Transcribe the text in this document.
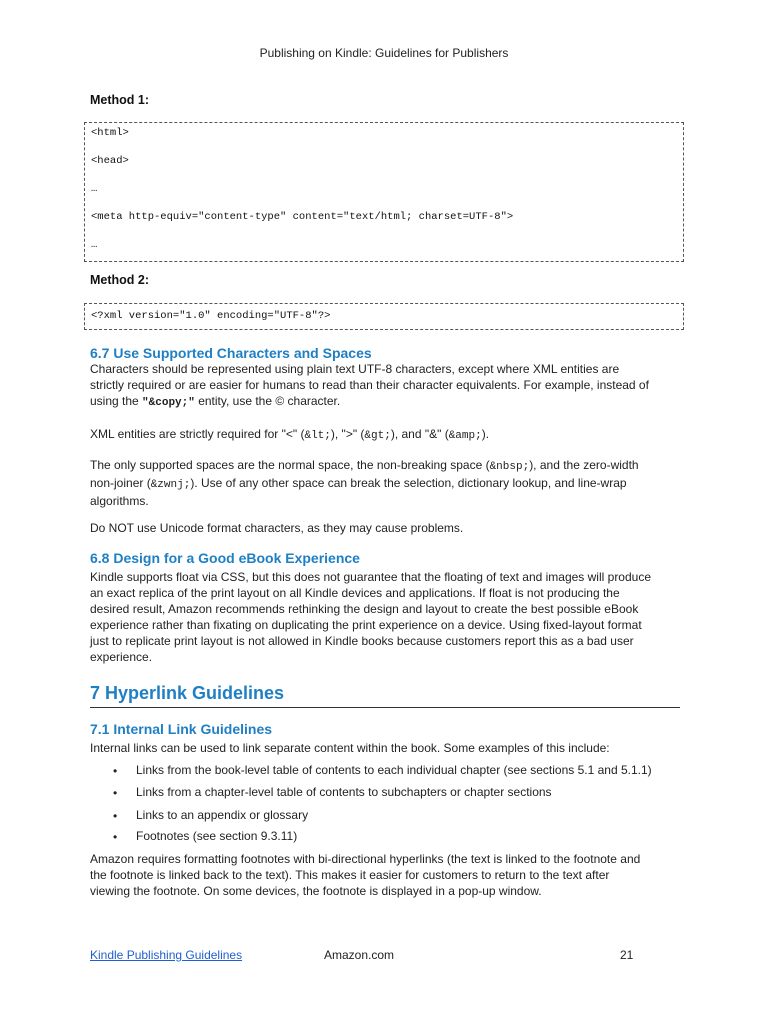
Publishing on Kindle: Guidelines for Publishers
Method 1:
<html>
<head>
…
<meta http-equiv="content-type" content="text/html; charset=UTF-8">
…
Method 2:
<?xml version="1.0" encoding="UTF-8"?>
6.7 Use Supported Characters and Spaces
Characters should be represented using plain text UTF-8 characters, except where XML entities are
strictly required or are easier for humans to read than their character equivalents. For example, instead of
using the "&copy;" entity, use the © character.
XML entities are strictly required for "<" (&lt;), ">" (&gt;), and "&" (&amp;).
The only supported spaces are the normal space, the non-breaking space (&nbsp;), and the zero-width
non-joiner (&zwnj;). Use of any other space can break the selection, dictionary lookup, and line-wrap
algorithms.
Do NOT use Unicode format characters, as they may cause problems.
6.8 Design for a Good eBook Experience
Kindle supports float via CSS, but this does not guarantee that the floating of text and images will produce
an exact replica of the print layout on all Kindle devices and applications. If float is not producing the
desired result, Amazon recommends rethinking the design and layout to create the best possible eBook
experience rather than fixating on duplicating the print experience on a device. Using fixed-layout format
just to replicate print layout is not allowed in Kindle books because customers report this as a bad user
experience.
7 Hyperlink Guidelines
7.1 Internal Link Guidelines
Internal links can be used to link separate content within the book. Some examples of this include:
• Links from the book-level table of contents to each individual chapter (see sections 5.1 and 5.1.1)
• Links from a chapter-level table of contents to subchapters or chapter sections
• Links to an appendix or glossary
• Footnotes (see section 9.3.11)
Amazon requires formatting footnotes with bi-directional hyperlinks (the text is linked to the footnote and
the footnote is linked back to the text). This makes it easier for customers to return to the text after
viewing the footnote. On some devices, the footnote is displayed in a pop-up window.
Kindle Publishing Guidelines	Amazon.com	21
